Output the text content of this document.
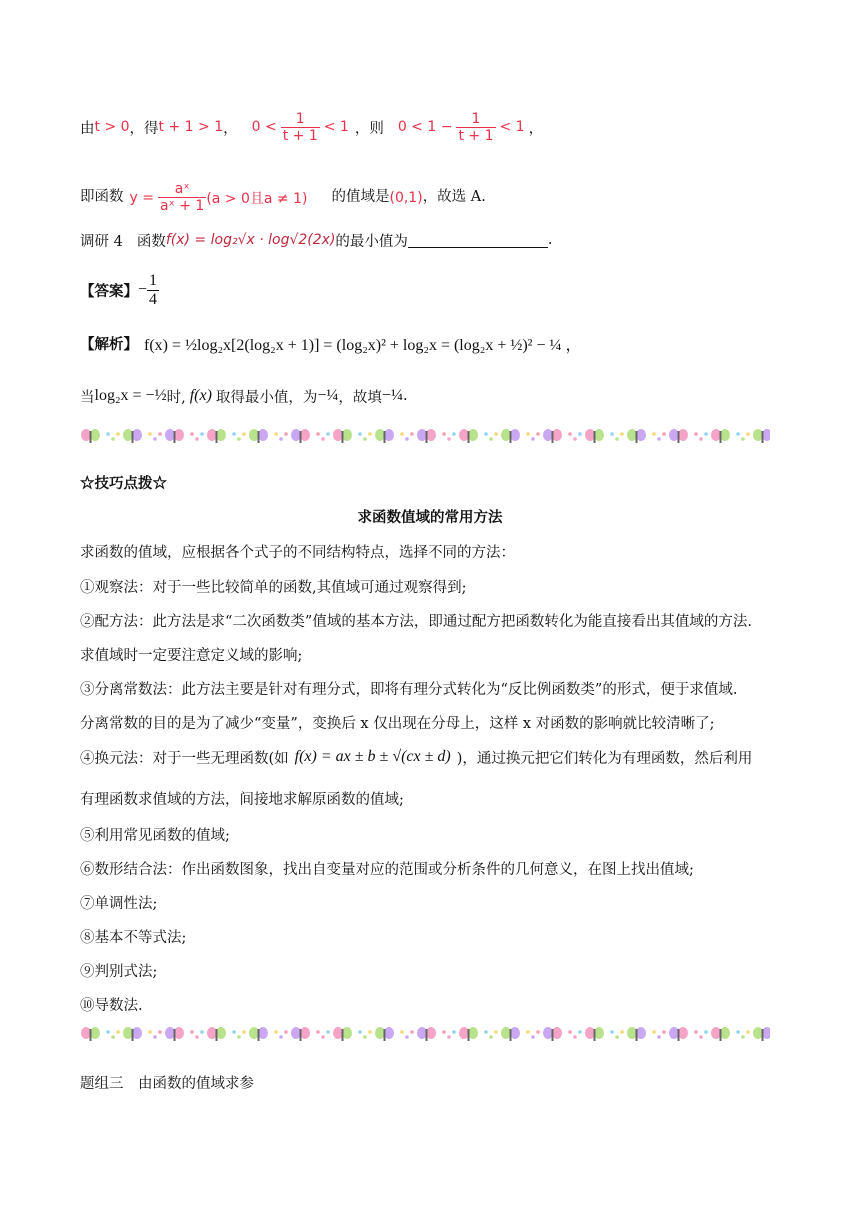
由 t > 0 ，得 t + 1 > 1 ， $0 < \frac{1}{t + 1} < 1$ ，则 $0 < 1 - \frac{1}{t + 1} < 1$ ，
即函数 $y = \frac{\text{aˣ}}{\text{aˣ + 1}} (a > 0$且a ≠ 1) 的值域是 (0,1) ，故选 A.
调研 4 函数 f(x) = log₂√x · log√2(2x) 的最小值为	.
【答案】 − $\frac{1}{4}$
【解析】 f(x) = ½log₂x[2(log₂x + 1)] = (log₂x)² + log₂x = (log₂x + ½)² − ¼ ，
当 log₂x = −½ 时, f(x) 取得最小值，为 −¼ ，故填 −¼ .
☆技巧点拨☆
求函数值域的常用方法
求函数的值域，应根据各个式子的不同结构特点，选择不同的方法：
①观察法：对于一些比较简单的函数,其值域可通过观察得到;
②配方法：此方法是求“二次函数类”值域的基本方法，即通过配方把函数转化为能直接看出其值域的方法.
求值域时一定要注意定义域的影响;
③分离常数法：此方法主要是针对有理分式，即将有理分式转化为“反比例函数类”的形式，便于求值域.
分离常数的目的是为了减少“变量”，变换后 x 仅出现在分母上，这样 x 对函数的影响就比较清晰了;
④换元法：对于一些无理函数(如 f(x) = ax ± b ± √(cx ± d) )，通过换元把它们转化为有理函数，然后利用
有理函数求值域的方法，间接地求解原函数的值域;
⑤利用常见函数的值域;
⑥数形结合法：作出函数图象，找出自变量对应的范围或分析条件的几何意义，在图上找出值域;
⑦单调性法;
⑧基本不等式法;
⑨判别式法;
⑩导数法.
题组三　由函数的值域求参
